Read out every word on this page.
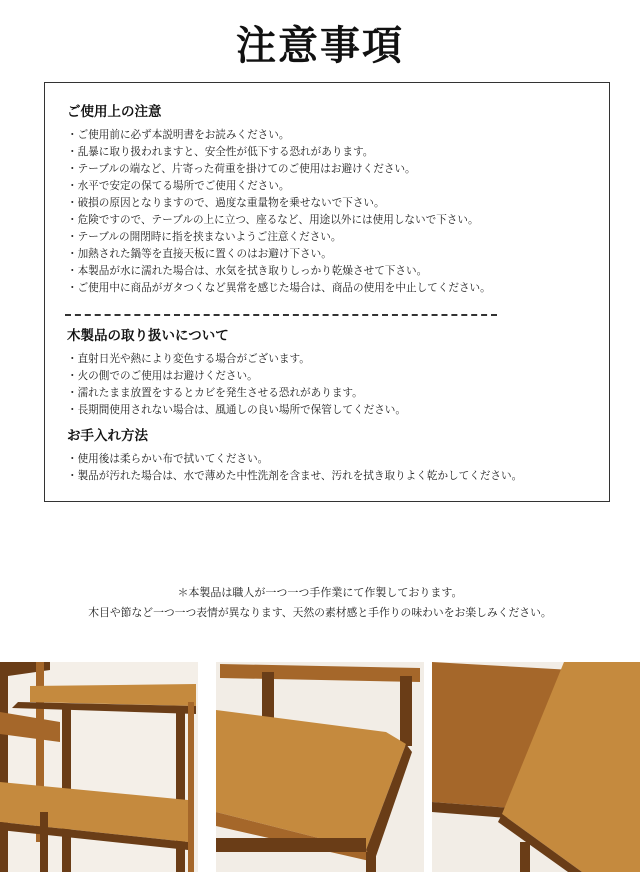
注意事項
ご使用上の注意
・ご使用前に必ず本説明書をお読みください。
・乱暴に取り扱われますと、安全性が低下する恐れがあります。
・テーブルの端など、片寄った荷重を掛けてのご使用はお避けください。
・水平で安定の保てる場所でご使用ください。
・破損の原因となりますので、過度な重量物を乗せないで下さい。
・危険ですので、テーブルの上に立つ、座るなど、用途以外には使用しないで下さい。
・テーブルの開閉時に指を挟まないようご注意ください。
・加熱された鍋等を直接天板に置くのはお避け下さい。
・本製品が水に濡れた場合は、水気を拭き取りしっかり乾燥させて下さい。
・ご使用中に商品がガタつくなど異常を感じた場合は、商品の使用を中止してください。
木製品の取り扱いについて
・直射日光や熱により変色する場合がございます。
・火の側でのご使用はお避けください。
・濡れたまま放置をするとカビを発生させる恐れがあります。
・長期間使用されない場合は、風通しの良い場所で保管してください。
お手入れ方法
・使用後は柔らかい布で拭いてください。
・製品が汚れた場合は、水で薄めた中性洗剤を含ませ、汚れを拭き取りよく乾かしてください。
＊本製品は職人が一つ一つ手作業にて作製しております。
木目や節など一つ一つ表情が異なります、天然の素材感と手作りの味わいをお楽しみください。
